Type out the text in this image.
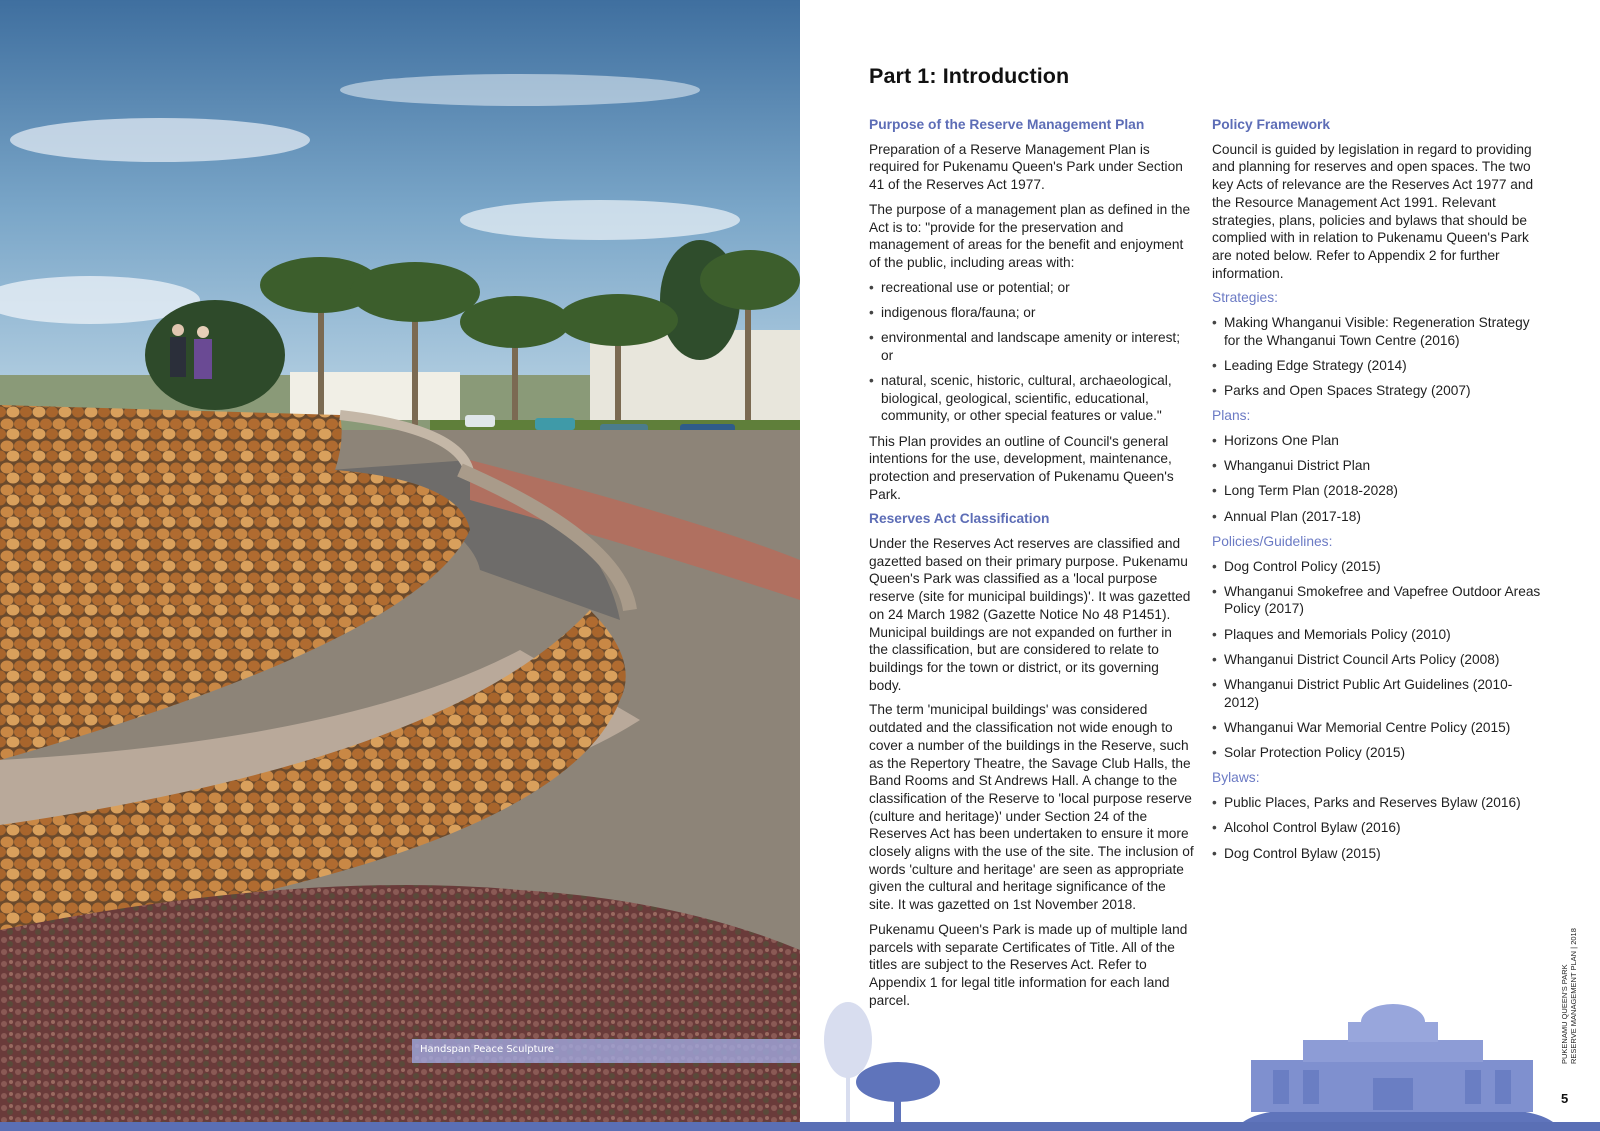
Handspan Peace Sculpture
Part 1: Introduction
Purpose of the Reserve Management Plan

Preparation of a Reserve Management Plan is required for Pukenamu Queen's Park under Section 41 of the Reserves Act 1977.

The purpose of a management plan as defined in the Act is to: "provide for the preservation and management of areas for the benefit and enjoyment of the public, including areas with:

• recreational use or potential; or
• indigenous flora/fauna; or
• environmental and landscape amenity or interest; or
• natural, scenic, historic, cultural, archaeological, biological, geological, scientific, educational, community, or other special features or value."

This Plan provides an outline of Council's general intentions for the use, development, maintenance, protection and preservation of Pukenamu Queen's Park.

Reserves Act Classification

Under the Reserves Act reserves are classified and gazetted based on their primary purpose. Pukenamu Queen's Park was classified as a 'local purpose reserve (site for municipal buildings)'. It was gazetted on 24 March 1982 (Gazette Notice No 48 P1451). Municipal buildings are not expanded on further in the classification, but are considered to relate to buildings for the town or district, or its governing body.

The term 'municipal buildings' was considered outdated and the classification not wide enough to cover a number of the buildings in the Reserve, such as the Repertory Theatre, the Savage Club Halls, the Band Rooms and St Andrews Hall. A change to the classification of the Reserve to 'local purpose reserve (culture and heritage)' under Section 24 of the Reserves Act has been undertaken to ensure it more closely aligns with the use of the site. The inclusion of words 'culture and heritage' are seen as appropriate given the cultural and heritage significance of the site. It was gazetted on 1st November 2018.

Pukenamu Queen's Park is made up of multiple land parcels with separate Certificates of Title. All of the titles are subject to the Reserves Act. Refer to Appendix 1 for legal title information for each land parcel.

Policy Framework

Council is guided by legislation in regard to providing and planning for reserves and open spaces. The two key Acts of relevance are the Reserves Act 1977 and the Resource Management Act 1991. Relevant strategies, plans, policies and bylaws that should be complied with in relation to Pukenamu Queen's Park are noted below. Refer to Appendix 2 for further information.

Strategies:
• Making Whanganui Visible: Regeneration Strategy for the Whanganui Town Centre (2016)
• Leading Edge Strategy (2014)
• Parks and Open Spaces Strategy (2007)
Plans:
• Horizons One Plan
• Whanganui District Plan
• Long Term Plan (2018-2028)
• Annual Plan (2017-18)
Policies/Guidelines:
• Dog Control Policy (2015)
• Whanganui Smokefree and Vapefree Outdoor Areas Policy (2017)
• Plaques and Memorials Policy (2010)
• Whanganui District Council Arts Policy (2008)
• Whanganui District Public Art Guidelines (2010-2012)
• Whanganui War Memorial Centre Policy (2015)
• Solar Protection Policy (2015)
Bylaws:
• Public Places, Parks and Reserves Bylaw (2016)
• Alcohol Control Bylaw (2016)
• Dog Control Bylaw (2015)
PUKENAMU QUEEN'S PARK RESERVE MANAGEMENT PLAN | 2018
5
